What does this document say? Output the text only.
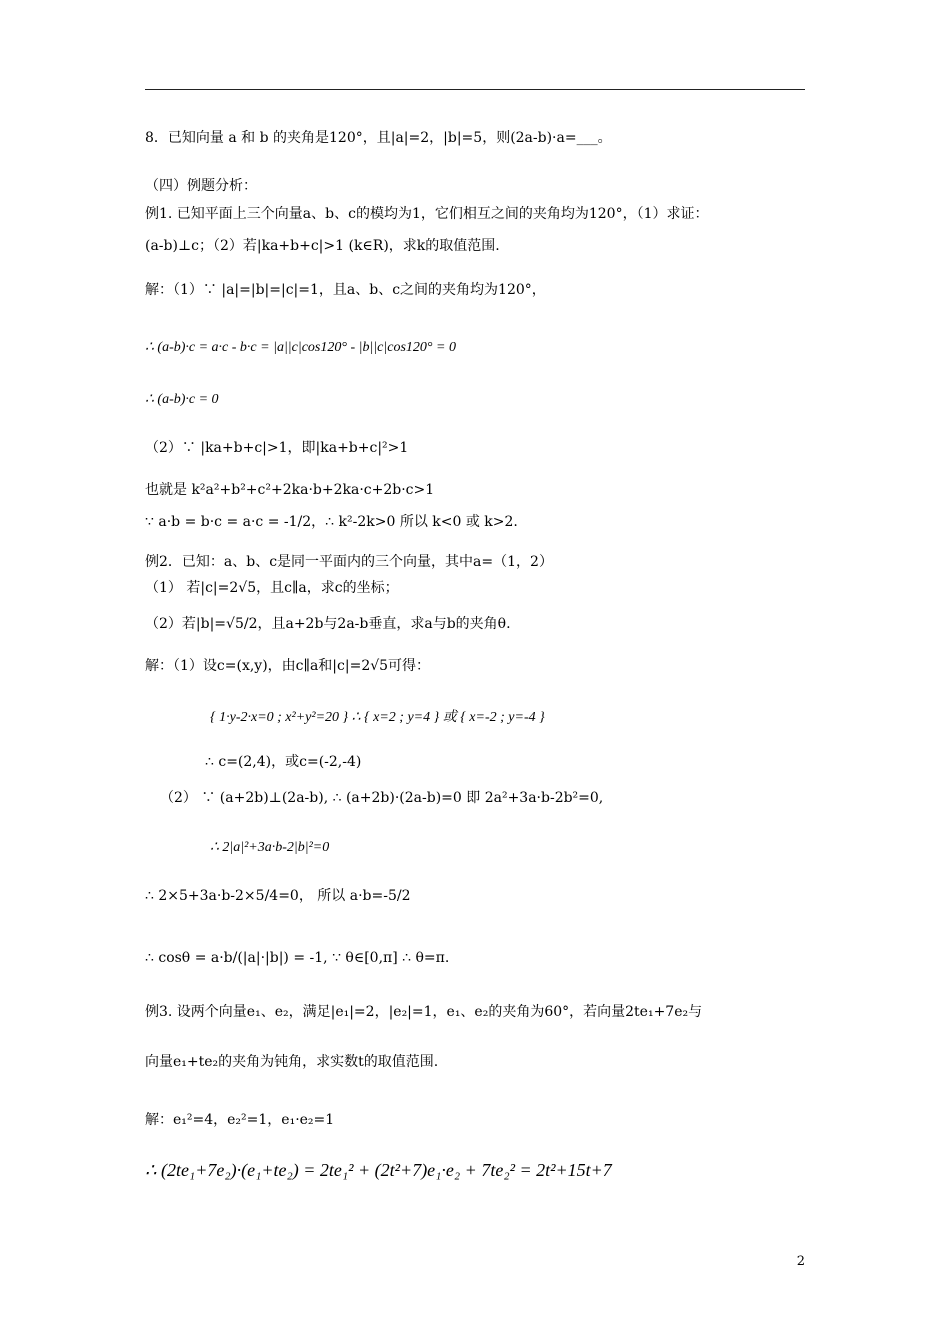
8．已知向量 a 和 b 的夹角是120°，且|a|=2，|b|=5，则(2a-b)·a=___。
（四）例题分析：
例1. 已知平面上三个向量a、b、c的模均为1，它们相互之间的夹角均为120°，（1）求证：
(a-b)⊥c；（2）若|ka+b+c|>1 (k∈R)，求k的取值范围.
解：（1）∵ |a|=|b|=|c|=1，且a、b、c之间的夹角均为120°，
∴ (a-b)·c = a·c - b·c = |a||c|cos120° - |b||c|cos120° = 0
∴ (a-b)·c = 0
（2）∵ |ka+b+c|>1，即|ka+b+c|²>1
也就是 k²a²+b²+c²+2ka·b+2ka·c+2b·c>1
∵ a·b = b·c = a·c = -1/2，∴ k²-2k>0 所以 k<0 或 k>2.
例2．已知：a、b、c是同一平面内的三个向量，其中a=（1，2）
（1） 若|c|=2√5，且c∥a，求c的坐标；
（2）若|b|=√5/2，且a+2b与2a-b垂直，求a与b的夹角θ.
解：（1）设c=(x,y)，由c∥a和|c|=2√5可得：
{ 1·y-2·x=0 ; x²+y²=20 } ∴ { x=2 ; y=4 } 或 { x=-2 ; y=-4 }
∴ c=(2,4)，或c=(-2,-4)
（2） ∵ (a+2b)⊥(2a-b), ∴ (a+2b)·(2a-b)=0 即 2a²+3a·b-2b²=0,
∴ 2|a|²+3a·b-2|b|²=0
∴ 2×5+3a·b-2×5/4=0， 所以 a·b=-5/2
∴ cosθ = a·b/(|a|·|b|) = -1, ∵ θ∈[0,π] ∴ θ=π.
例3. 设两个向量e₁、e₂，满足|e₁|=2，|e₂|=1，e₁、e₂的夹角为60°，若向量2te₁+7e₂与
向量e₁+te₂的夹角为钝角，求实数t的取值范围.
解：e₁²=4，e₂²=1，e₁·e₂=1
∴ (2te₁+7e₂)·(e₁+te₂) = 2te₁² + (2t²+7)e₁·e₂ + 7te₂² = 2t²+15t+7
2
